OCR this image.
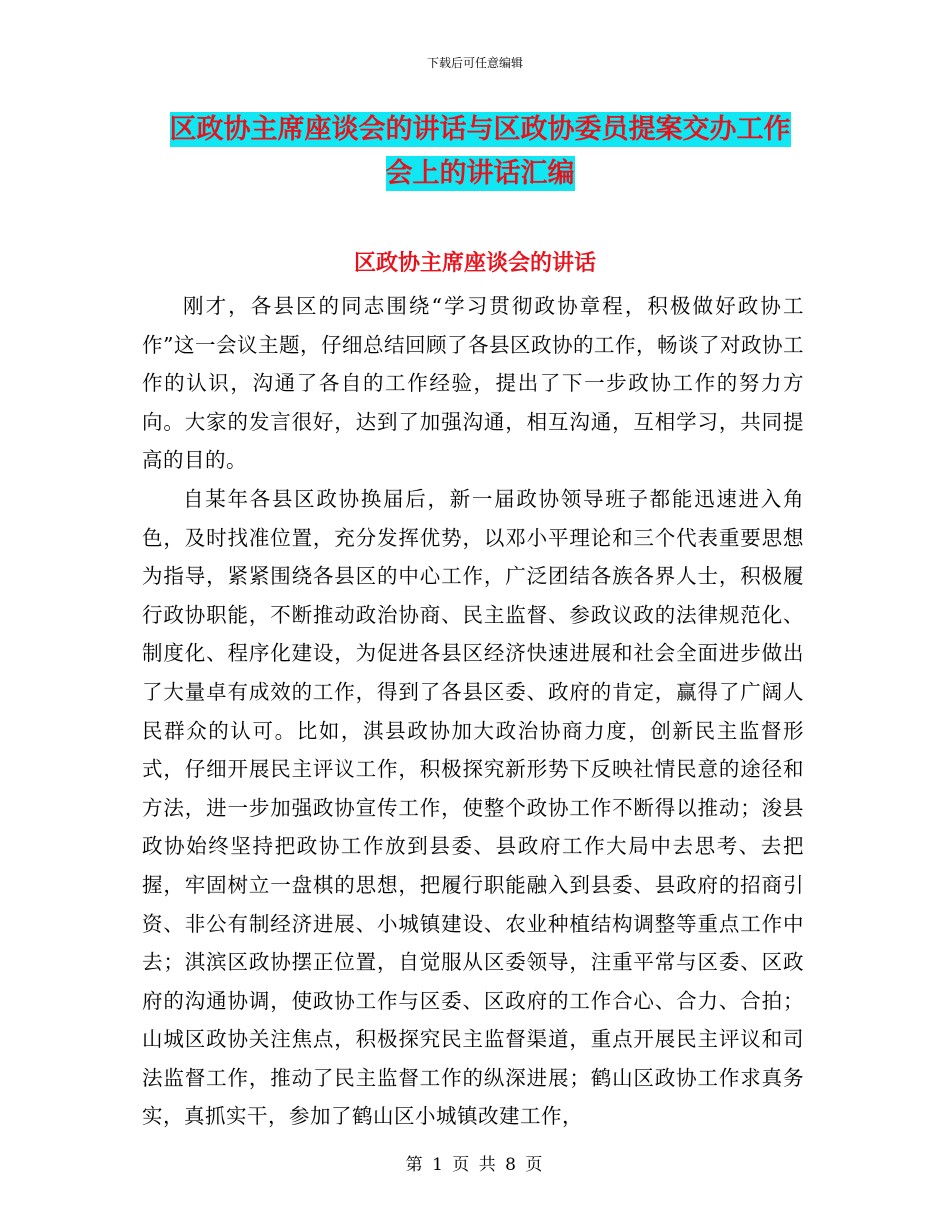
下载后可任意编辑
区政协主席座谈会的讲话与区政协委员提案交办工作
会上的讲话汇编
区政协主席座谈会的讲话

刚才，各县区的同志围绕“学习贯彻政协章程，积极做好政协工作”这一会议主题，仔细总结回顾了各县区政协的工作，畅谈了对政协工作的认识，沟通了各自的工作经验，提出了下一步政协工作的努力方向。大家的发言很好，达到了加强沟通，相互沟通，互相学习，共同提高的目的。

自某年各县区政协换届后，新一届政协领导班子都能迅速进入角色，及时找准位置，充分发挥优势，以邓小平理论和三个代表重要思想为指导，紧紧围绕各县区的中心工作，广泛团结各族各界人士，积极履行政协职能，不断推动政治协商、民主监督、参政议政的法律规范化、制度化、程序化建设，为促进各县区经济快速进展和社会全面进步做出了大量卓有成效的工作，得到了各县区委、政府的肯定，赢得了广阔人民群众的认可。比如，淇县政协加大政治协商力度，创新民主监督形式，仔细开展民主评议工作，积极探究新形势下反映社情民意的途径和方法，进一步加强政协宣传工作，使整个政协工作不断得以推动；浚县政协始终坚持把政协工作放到县委、县政府工作大局中去思考、去把握，牢固树立一盘棋的思想，把履行职能融入到县委、县政府的招商引资、非公有制经济进展、小城镇建设、农业种植结构调整等重点工作中去；淇滨区政协摆正位置，自觉服从区委领导，注重平常与区委、区政府的沟通协调，使政协工作与区委、区政府的工作合心、合力、合拍；山城区政协关注焦点，积极探究民主监督渠道，重点开展民主评议和司法监督工作，推动了民主监督工作的纵深进展；鹤山区政协工作求真务实，真抓实干，参加了鹤山区小城镇改建工作，

第 1 页 共 8 页
